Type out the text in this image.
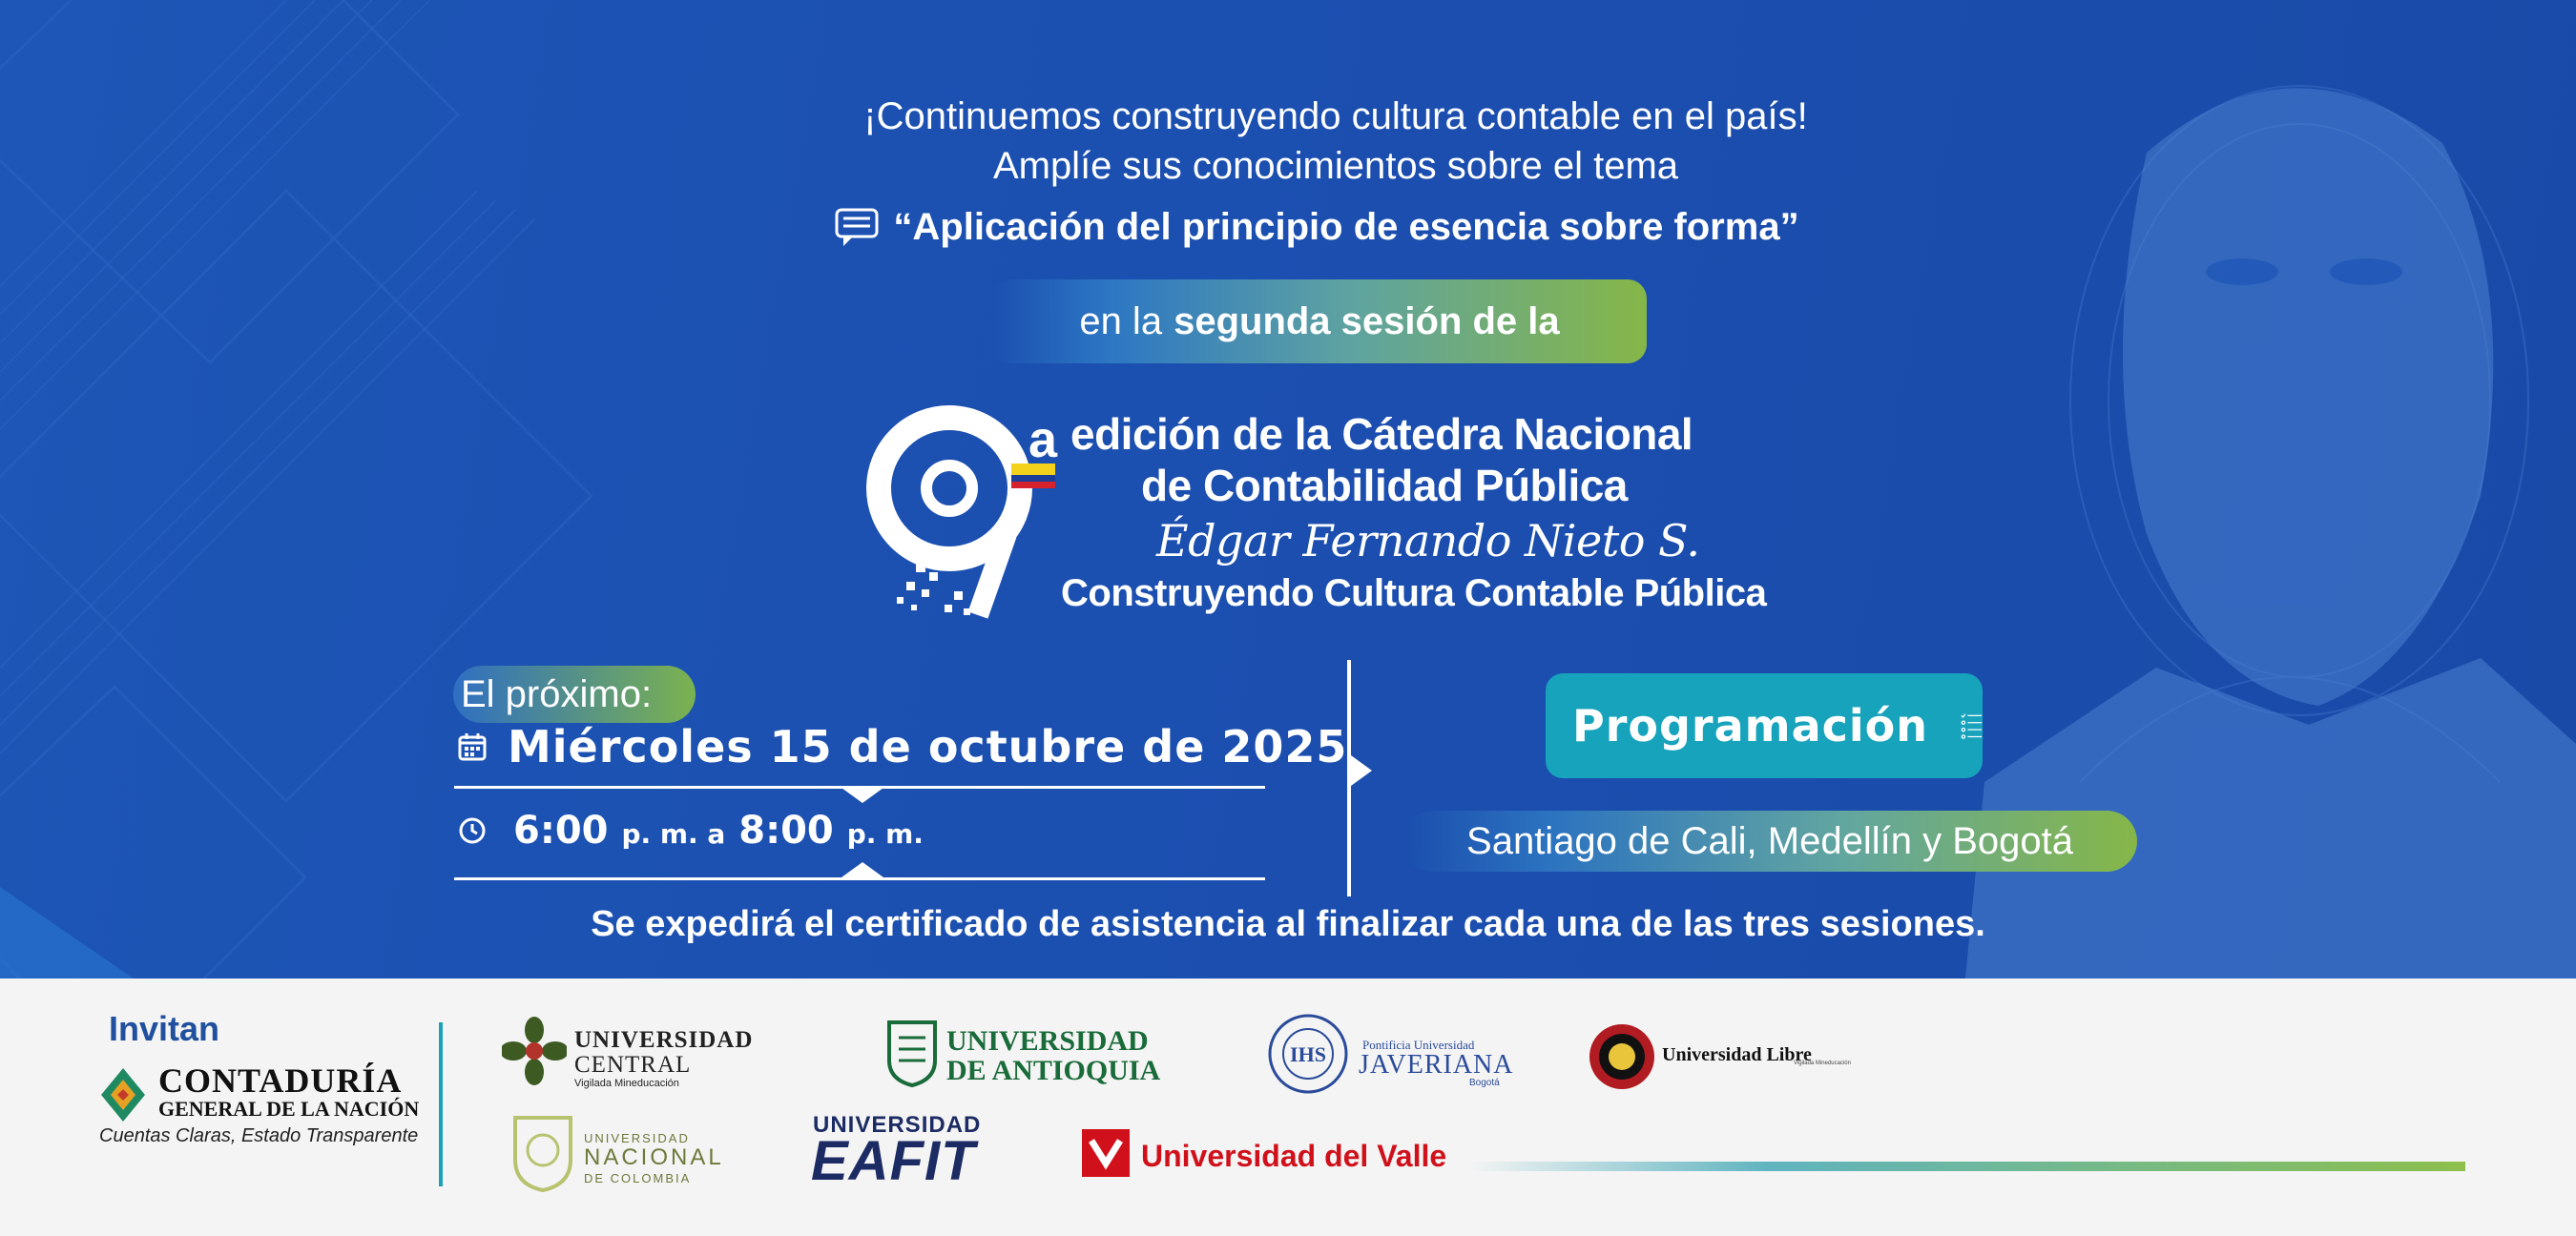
¡Continuemos construyendo cultura contable en el país!
Amplíe sus conocimientos sobre el tema
“Aplicación del principio de esencia sobre forma”
en la segunda sesión de la
a edición de la Cátedra Nacional
de Contabilidad Pública
Édgar Fernando Nieto S.
Construyendo Cultura Contable Pública
El próximo:
Miércoles 15 de octubre de 2025
6:00 p. m. a 8:00 p. m.
Programación
Santiago de Cali, Medellín y Bogotá
Se expedirá el certificado de asistencia al finalizar cada una de las tres sesiones.
Invitan
CONTADURÍA
GENERAL DE LA NACIÓN
Cuentas Claras, Estado Transparente
UNIVERSIDAD
CENTRAL
Vigilada Mineducación
UNIVERSIDAD
DE ANTIOQUIA
IHS	Pontificia Universidad
JAVERIANA
Bogotá
Universidad Libre
Vigilada Mineducación
UNIVERSIDAD
NACIONAL
DE COLOMBIA
UNIVERSIDAD
EAFIT	Universidad del Valle
